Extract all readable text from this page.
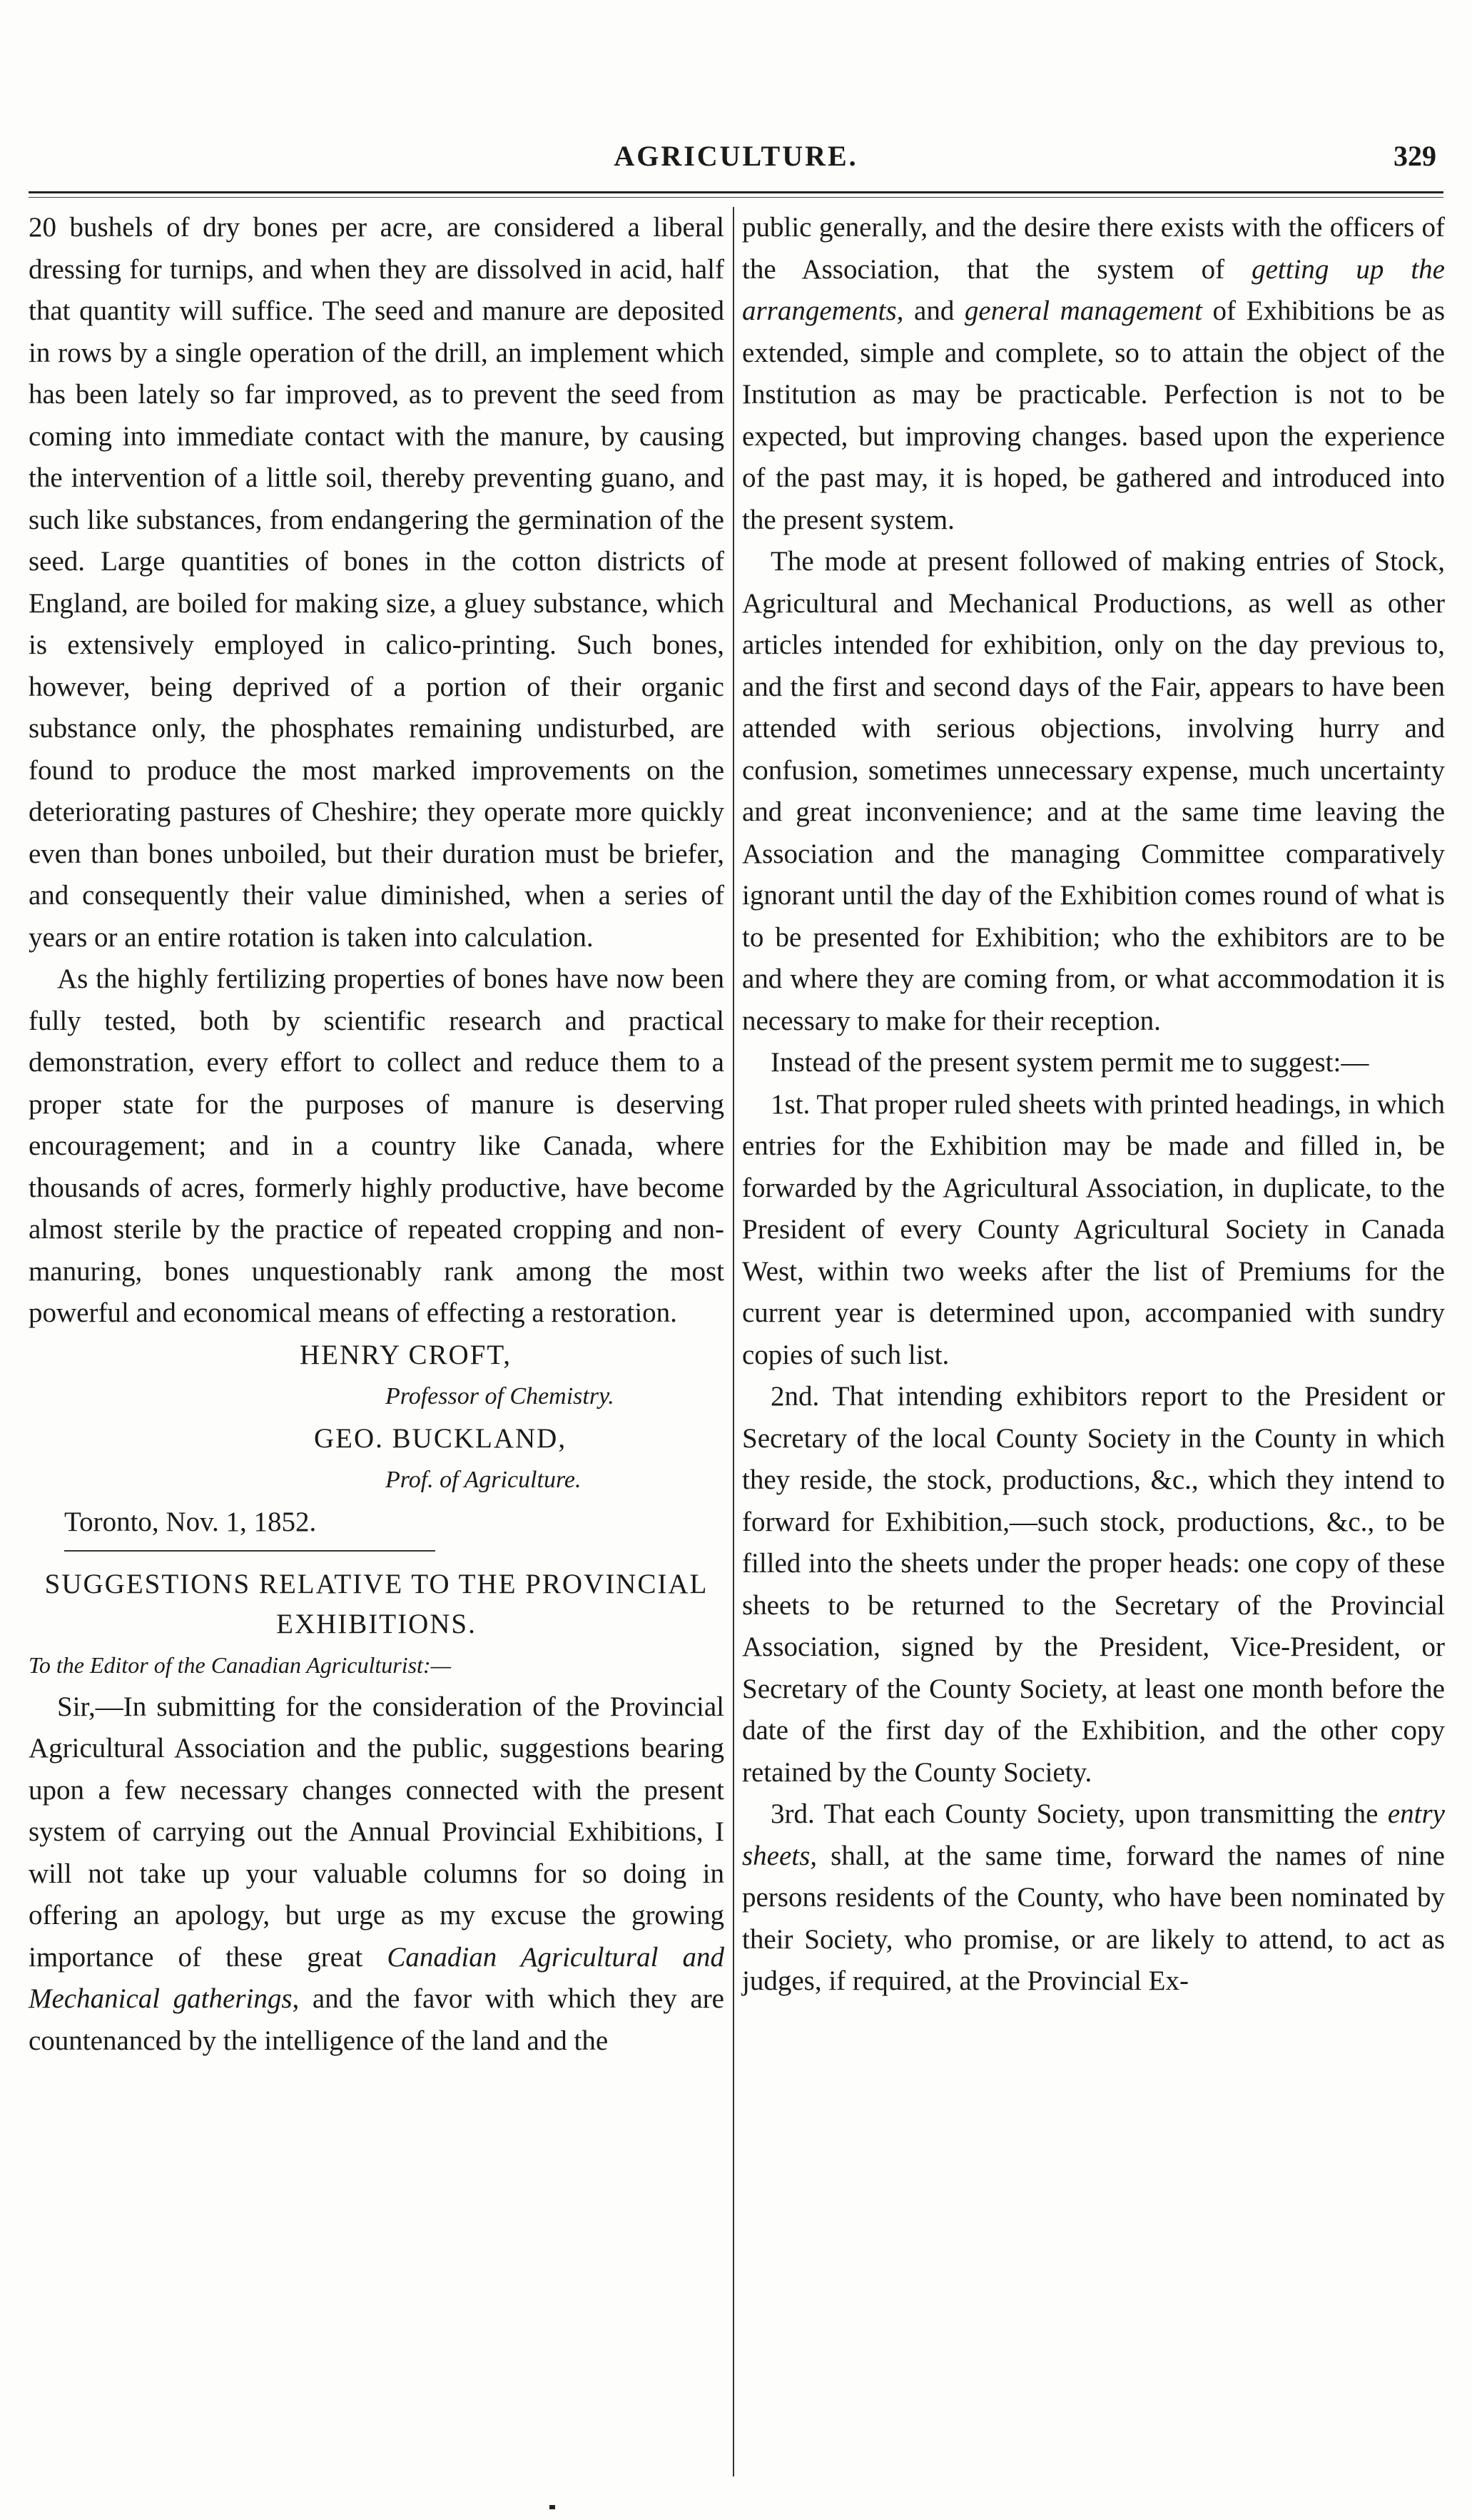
AGRICULTURE.	329

20 bushels of dry bones per acre, are considered a liberal dressing for turnips, and when they are dissolved in acid, half that quantity will suffice. The seed and manure are deposited in rows by a single operation of the drill, an implement which has been lately so far improved, as to prevent the seed from coming into immediate contact with the manure, by causing the intervention of a little soil, thereby preventing guano, and such like substances, from endangering the germination of the seed. Large quantities of bones in the cotton districts of England, are boiled for making size, a gluey substance, which is extensively employed in calico-printing. Such bones, however, being deprived of a portion of their organic substance only, the phosphates remaining undisturbed, are found to produce the most marked improvements on the deteriorating pastures of Cheshire; they operate more quickly even than bones unboiled, but their duration must be briefer, and consequently their value diminished, when a series of years or an entire rotation is taken into calculation.

As the highly fertilizing properties of bones have now been fully tested, both by scientific research and practical demonstration, every effort to collect and reduce them to a proper state for the purposes of manure is deserving encouragement; and in a country like Canada, where thousands of acres, formerly highly productive, have become almost sterile by the practice of repeated cropping and non-manuring, bones unquestionably rank among the most powerful and economical means of effecting a restoration.

HENRY CROFT,

Professor of Chemistry.

GEO. BUCKLAND,

Prof. of Agriculture.

Toronto, Nov. 1, 1852.

SUGGESTIONS RELATIVE TO THE PROVINCIAL EXHIBITIONS.

To the Editor of the Canadian Agriculturist:—

Sir,—In submitting for the consideration of the Provincial Agricultural Association and the public, suggestions bearing upon a few necessary changes connected with the present system of carrying out the Annual Provincial Exhibitions, I will not take up your valuable columns for so doing in offering an apology, but urge as my excuse the growing importance of these great Canadian Agricultural and Mechanical gatherings, and the favor with which they are countenanced by the intelligence of the land and the

public generally, and the desire there exists with the officers of the Association, that the system of getting up the arrangements, and general management of Exhibitions be as extended, simple and complete, so to attain the object of the Institution as may be practicable. Perfection is not to be expected, but improving changes. based upon the experience of the past may, it is hoped, be gathered and introduced into the present system.

The mode at present followed of making entries of Stock, Agricultural and Mechanical Productions, as well as other articles intended for exhibition, only on the day previous to, and the first and second days of the Fair, appears to have been attended with serious objections, involving hurry and confusion, sometimes unnecessary expense, much uncertainty and great inconvenience; and at the same time leaving the Association and the managing Committee comparatively ignorant until the day of the Exhibition comes round of what is to be presented for Exhibition; who the exhibitors are to be and where they are coming from, or what accommodation it is necessary to make for their reception.

Instead of the present system permit me to suggest:—

1st. That proper ruled sheets with printed headings, in which entries for the Exhibition may be made and filled in, be forwarded by the Agricultural Association, in duplicate, to the President of every County Agricultural Society in Canada West, within two weeks after the list of Premiums for the current year is determined upon, accompanied with sundry copies of such list.

2nd. That intending exhibitors report to the President or Secretary of the local County Society in the County in which they reside, the stock, productions, &c., which they intend to forward for Exhibition,—such stock, productions, &c., to be filled into the sheets under the proper heads: one copy of these sheets to be returned to the Secretary of the Provincial Association, signed by the President, Vice-President, or Secretary of the County Society, at least one month before the date of the first day of the Exhibition, and the other copy retained by the County Society.

3rd. That each County Society, upon transmitting the entry sheets, shall, at the same time, forward the names of nine persons residents of the County, who have been nominated by their Society, who promise, or are likely to attend, to act as judges, if required, at the Provincial Ex-
